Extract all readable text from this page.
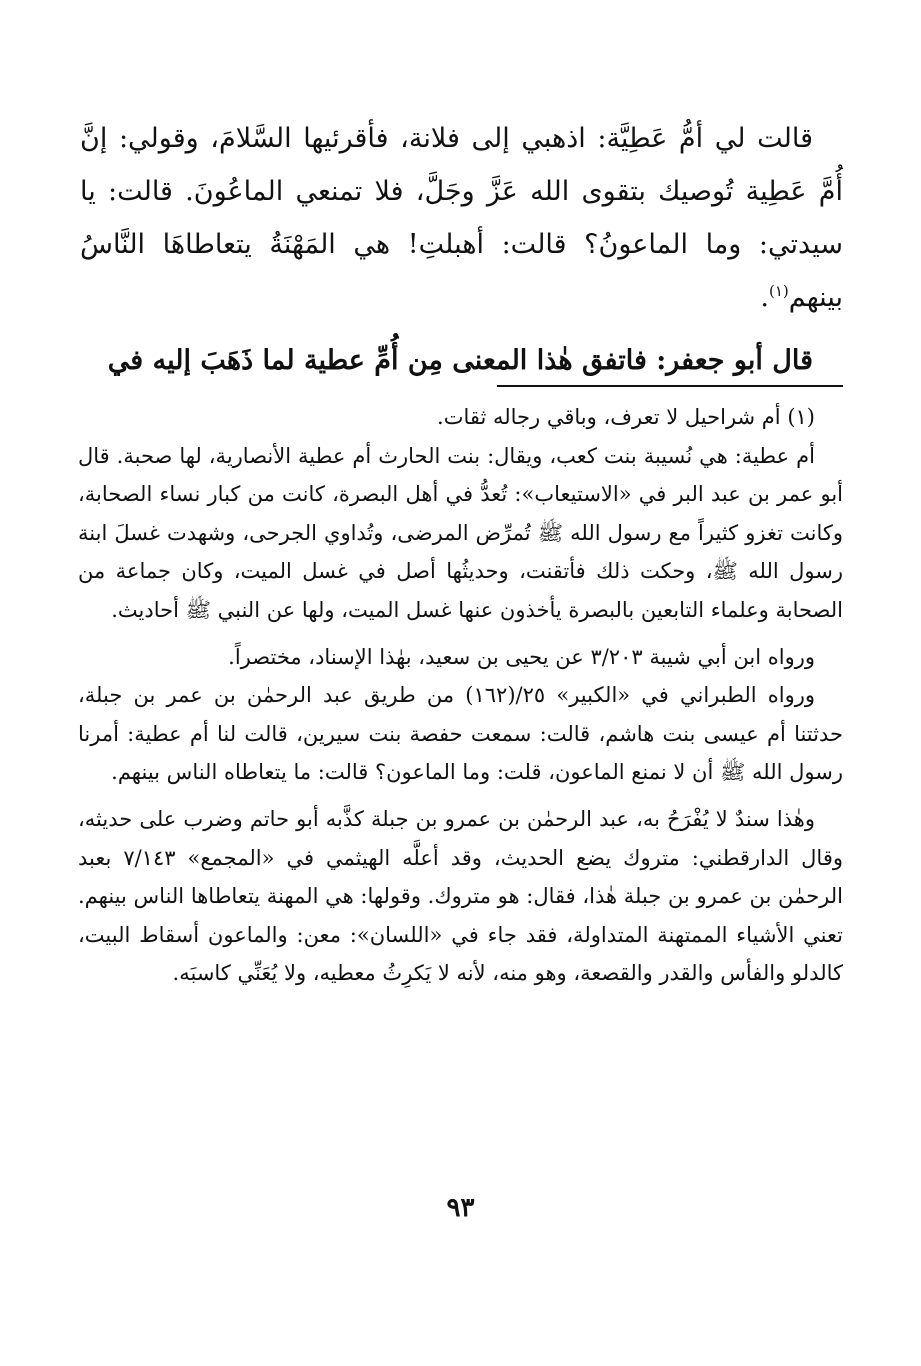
قالت لي أمُّ عَطِيَّة: اذهبي إلى فلانة، فأقرئيها السَّلامَ، وقولي: إنَّ أُمَّ عَطِية تُوصيك بتقوى الله عَزَّ وجَلَّ، فلا تمنعي الماعُونَ. قالت: يا سيدتي: وما الماعونُ؟ قالت: أهبلتِ! هي المَهْنَةُ يتعاطاهَا النَّاسُ بينهم$^{(١)}$.

قال أبو جعفر: فاتفق هٰذا المعنى مِن أُمِّ عطية لما ذَهَبَ إليه في

(١) أم شراحيل لا تعرف، وباقي رجاله ثقات.

أم عطية: هي نُسيبة بنت كعب، ويقال: بنت الحارث أم عطية الأنصارية، لها صحبة. قال أبو عمر بن عبد البر في «الاستيعاب»: تُعدُّ في أهل البصرة، كانت من كبار نساء الصحابة، وكانت تغزو كثيراً مع رسول الله ﷺ تُمرِّض المرضى، وتُداوي الجرحى، وشهدت غسلَ ابنة رسول الله ﷺ، وحكت ذلك فأتقنت، وحديثُها أصل في غسل الميت، وكان جماعة من الصحابة وعلماء التابعين بالبصرة يأخذون عنها غسل الميت، ولها عن النبي ﷺ أحاديث.

ورواه ابن أبي شيبة ٣/٢٠٣ عن يحيى بن سعيد، بهٰذا الإسناد، مختصراً.

ورواه الطبراني في «الكبير» ٢٥/(١٦٢) من طريق عبد الرحمٰن بن عمر بن جبلة، حدثتنا أم عيسى بنت هاشم، قالت: سمعت حفصة بنت سيرين، قالت لنا أم عطية: أمرنا رسول الله ﷺ أن لا نمنع الماعون، قلت: وما الماعون؟ قالت: ما يتعاطاه الناس بينهم.

وهٰذا سندٌ لا يُفْرَحُ به، عبد الرحمٰن بن عمرو بن جبلة كذَّبه أبو حاتم وضرب على حديثه، وقال الدارقطني: متروك يضع الحديث، وقد أعلَّه الهيثمي في «المجمع» ٧/١٤٣ بعبد الرحمٰن بن عمرو بن جبلة هٰذا، فقال: هو متروك. وقولها: هي المهنة يتعاطاها الناس بينهم. تعني الأشياء الممتهنة المتداولة، فقد جاء في «اللسان»: معن: والماعون أسقاط البيت، كالدلو والفأس والقدر والقصعة، وهو منه، لأنه لا يَكرِثُ معطيه، ولا يُعَنِّي كاسبَه.

٩٣
